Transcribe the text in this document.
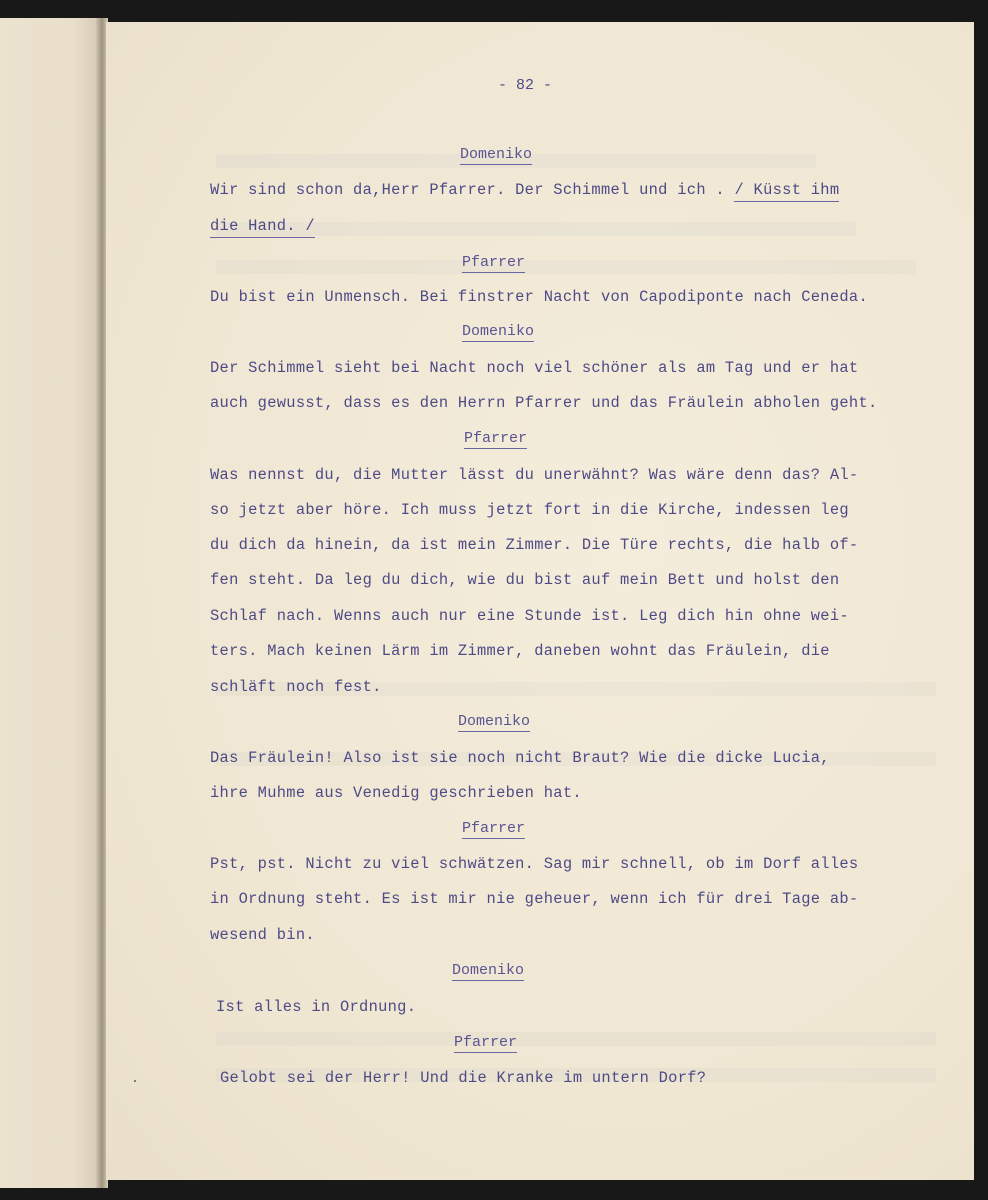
- 82 -
Domeniko
Wir sind schon da,Herr Pfarrer. Der Schimmel und ich . / Küsst ihm
die Hand. /
Pfarrer
Du bist ein Unmensch. Bei finstrer Nacht von Capodiponte nach Ceneda.
Domeniko
Der Schimmel sieht bei Nacht noch viel schöner als am Tag und er hat
auch gewusst, dass es den Herrn Pfarrer und das Fräulein abholen geht.
Pfarrer
Was nennst du, die Mutter lässt du unerwähnt? Was wäre denn das? Al-
so jetzt aber höre. Ich muss jetzt fort in die Kirche, indessen leg
du dich da hinein, da ist mein Zimmer. Die Türe rechts, die halb of-
fen steht. Da leg du dich, wie du bist auf mein Bett und holst den
Schlaf nach. Wenns auch nur eine Stunde ist. Leg dich hin ohne wei-
ters. Mach keinen Lärm im Zimmer, daneben wohnt das Fräulein, die
schläft noch fest.
Domeniko
Das Fräulein! Also ist sie noch nicht Braut? Wie die dicke Lucia,
ihre Muhme aus Venedig geschrieben hat.
Pfarrer
Pst, pst. Nicht zu viel schwätzen. Sag mir schnell, ob im Dorf alles
in Ordnung steht. Es ist mir nie geheuer, wenn ich für drei Tage ab-
wesend bin.
Domeniko
Ist alles in Ordnung.
Pfarrer
Gelobt sei der Herr! Und die Kranke im untern Dorf?
